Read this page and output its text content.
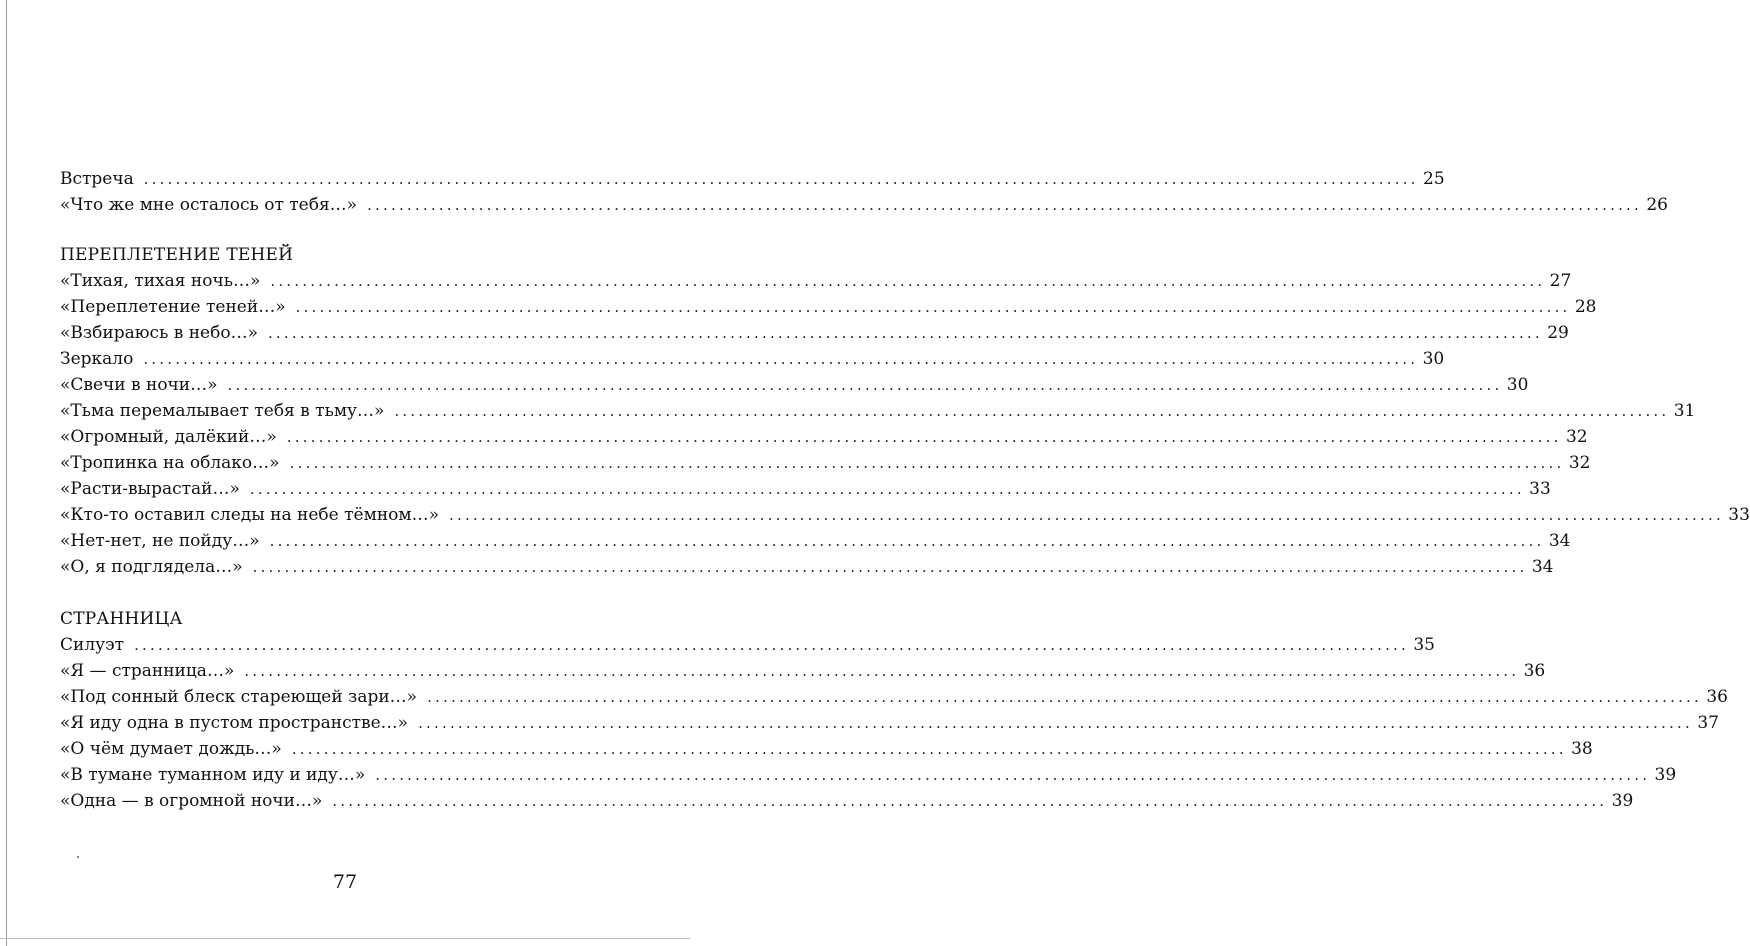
Встреча ................................................................................................................................................................ 25
«Что же мне осталось от тебя…» ................................................................................................................................................................ 26
ПЕРЕПЛЕТЕНИЕ ТЕНЕЙ
«Тихая, тихая ночь…» ................................................................................................................................................................ 27
«Переплетение теней…» ................................................................................................................................................................ 28
«Взбираюсь в небо…» ................................................................................................................................................................ 29
Зеркало ................................................................................................................................................................ 30
«Свечи в ночи…» ................................................................................................................................................................ 30
«Тьма перемалывает тебя в тьму…» ................................................................................................................................................................ 31
«Огромный, далёкий…» ................................................................................................................................................................ 32
«Тропинка на облако…» ................................................................................................................................................................ 32
«Расти-вырастай…» ................................................................................................................................................................ 33
«Кто-то оставил следы на небе тёмном…» ................................................................................................................................................................ 33
«Нет-нет, не пойду…» ................................................................................................................................................................ 34
«О, я подглядела…» ................................................................................................................................................................ 34
СТРАННИЦА
Силуэт ................................................................................................................................................................ 35
«Я — странница…» ................................................................................................................................................................ 36
«Под сонный блеск стареющей зари…» ................................................................................................................................................................ 36
«Я иду одна в пустом пространстве…» ................................................................................................................................................................ 37
«О чём думает дождь…» ................................................................................................................................................................ 38
«В тумане туманном иду и иду…» ................................................................................................................................................................ 39
«Одна — в огромной ночи…» ................................................................................................................................................................ 39
77
